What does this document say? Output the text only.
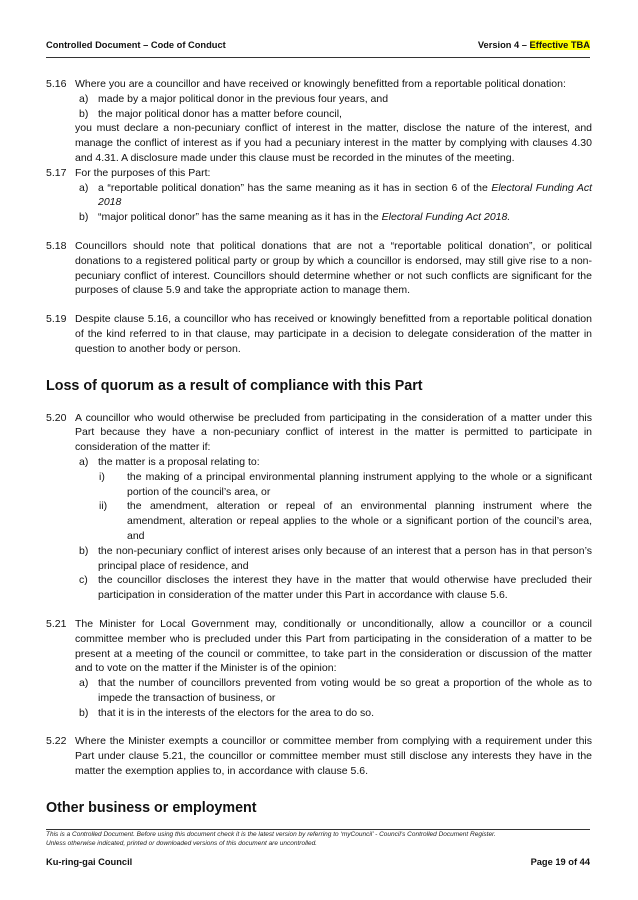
Controlled Document – Code of Conduct	Version 4 – Effective TBA
5.16 Where you are a councillor and have received or knowingly benefitted from a reportable political donation:

a) made by a major political donor in the previous four years, and
b) the major political donor has a matter before council,

you must declare a non-pecuniary conflict of interest in the matter, disclose the nature of the interest, and manage the conflict of interest as if you had a pecuniary interest in the matter by complying with clauses 4.30 and 4.31. A disclosure made under this clause must be recorded in the minutes of the meeting.

5.17 For the purposes of this Part:

a) a “reportable political donation” has the same meaning as it has in section 6 of the Electoral Funding Act 2018
b) “major political donor” has the same meaning as it has in the Electoral Funding Act 2018.
5.18 Councillors should note that political donations that are not a “reportable political donation”, or political donations to a registered political party or group by which a councillor is endorsed, may still give rise to a non-pecuniary conflict of interest. Councillors should determine whether or not such conflicts are significant for the purposes of clause 5.9 and take the appropriate action to manage them.

5.19 Despite clause 5.16, a councillor who has received or knowingly benefitted from a reportable political donation of the kind referred to in that clause, may participate in a decision to delegate consideration of the matter in question to another body or person.

Loss of quorum as a result of compliance with this Part
5.20 A councillor who would otherwise be precluded from participating in the consideration of a matter under this Part because they have a non-pecuniary conflict of interest in the matter is permitted to participate in consideration of the matter if:

a) the matter is a proposal relating to:
i) the making of a principal environmental planning instrument applying to the whole or a significant portion of the council’s area, or
ii) the amendment, alteration or repeal of an environmental planning instrument where the amendment, alteration or repeal applies to the whole or a significant portion of the council’s area, and
b) the non-pecuniary conflict of interest arises only because of an interest that a person has in that person’s principal place of residence, and
c) the councillor discloses the interest they have in the matter that would otherwise have precluded their participation in consideration of the matter under this Part in accordance with clause 5.6.
5.21 The Minister for Local Government may, conditionally or unconditionally, allow a councillor or a council committee member who is precluded under this Part from participating in the consideration of a matter to be present at a meeting of the council or committee, to take part in the consideration or discussion of the matter and to vote on the matter if the Minister is of the opinion:

a) that the number of councillors prevented from voting would be so great a proportion of the whole as to impede the transaction of business, or
b) that it is in the interests of the electors for the area to do so.
5.22 Where the Minister exempts a councillor or committee member from complying with a requirement under this Part under clause 5.21, the councillor or committee member must still disclose any interests they have in the matter the exemption applies to, in accordance with clause 5.6.

Other business or employment
This is a Controlled Document. Before using this document check it is the latest version by referring to ‘myCouncil’ - Council’s Controlled Document Register.
Unless otherwise indicated, printed or downloaded versions of this document are uncontrolled.
Ku-ring-gai Council	Page 19 of 44
